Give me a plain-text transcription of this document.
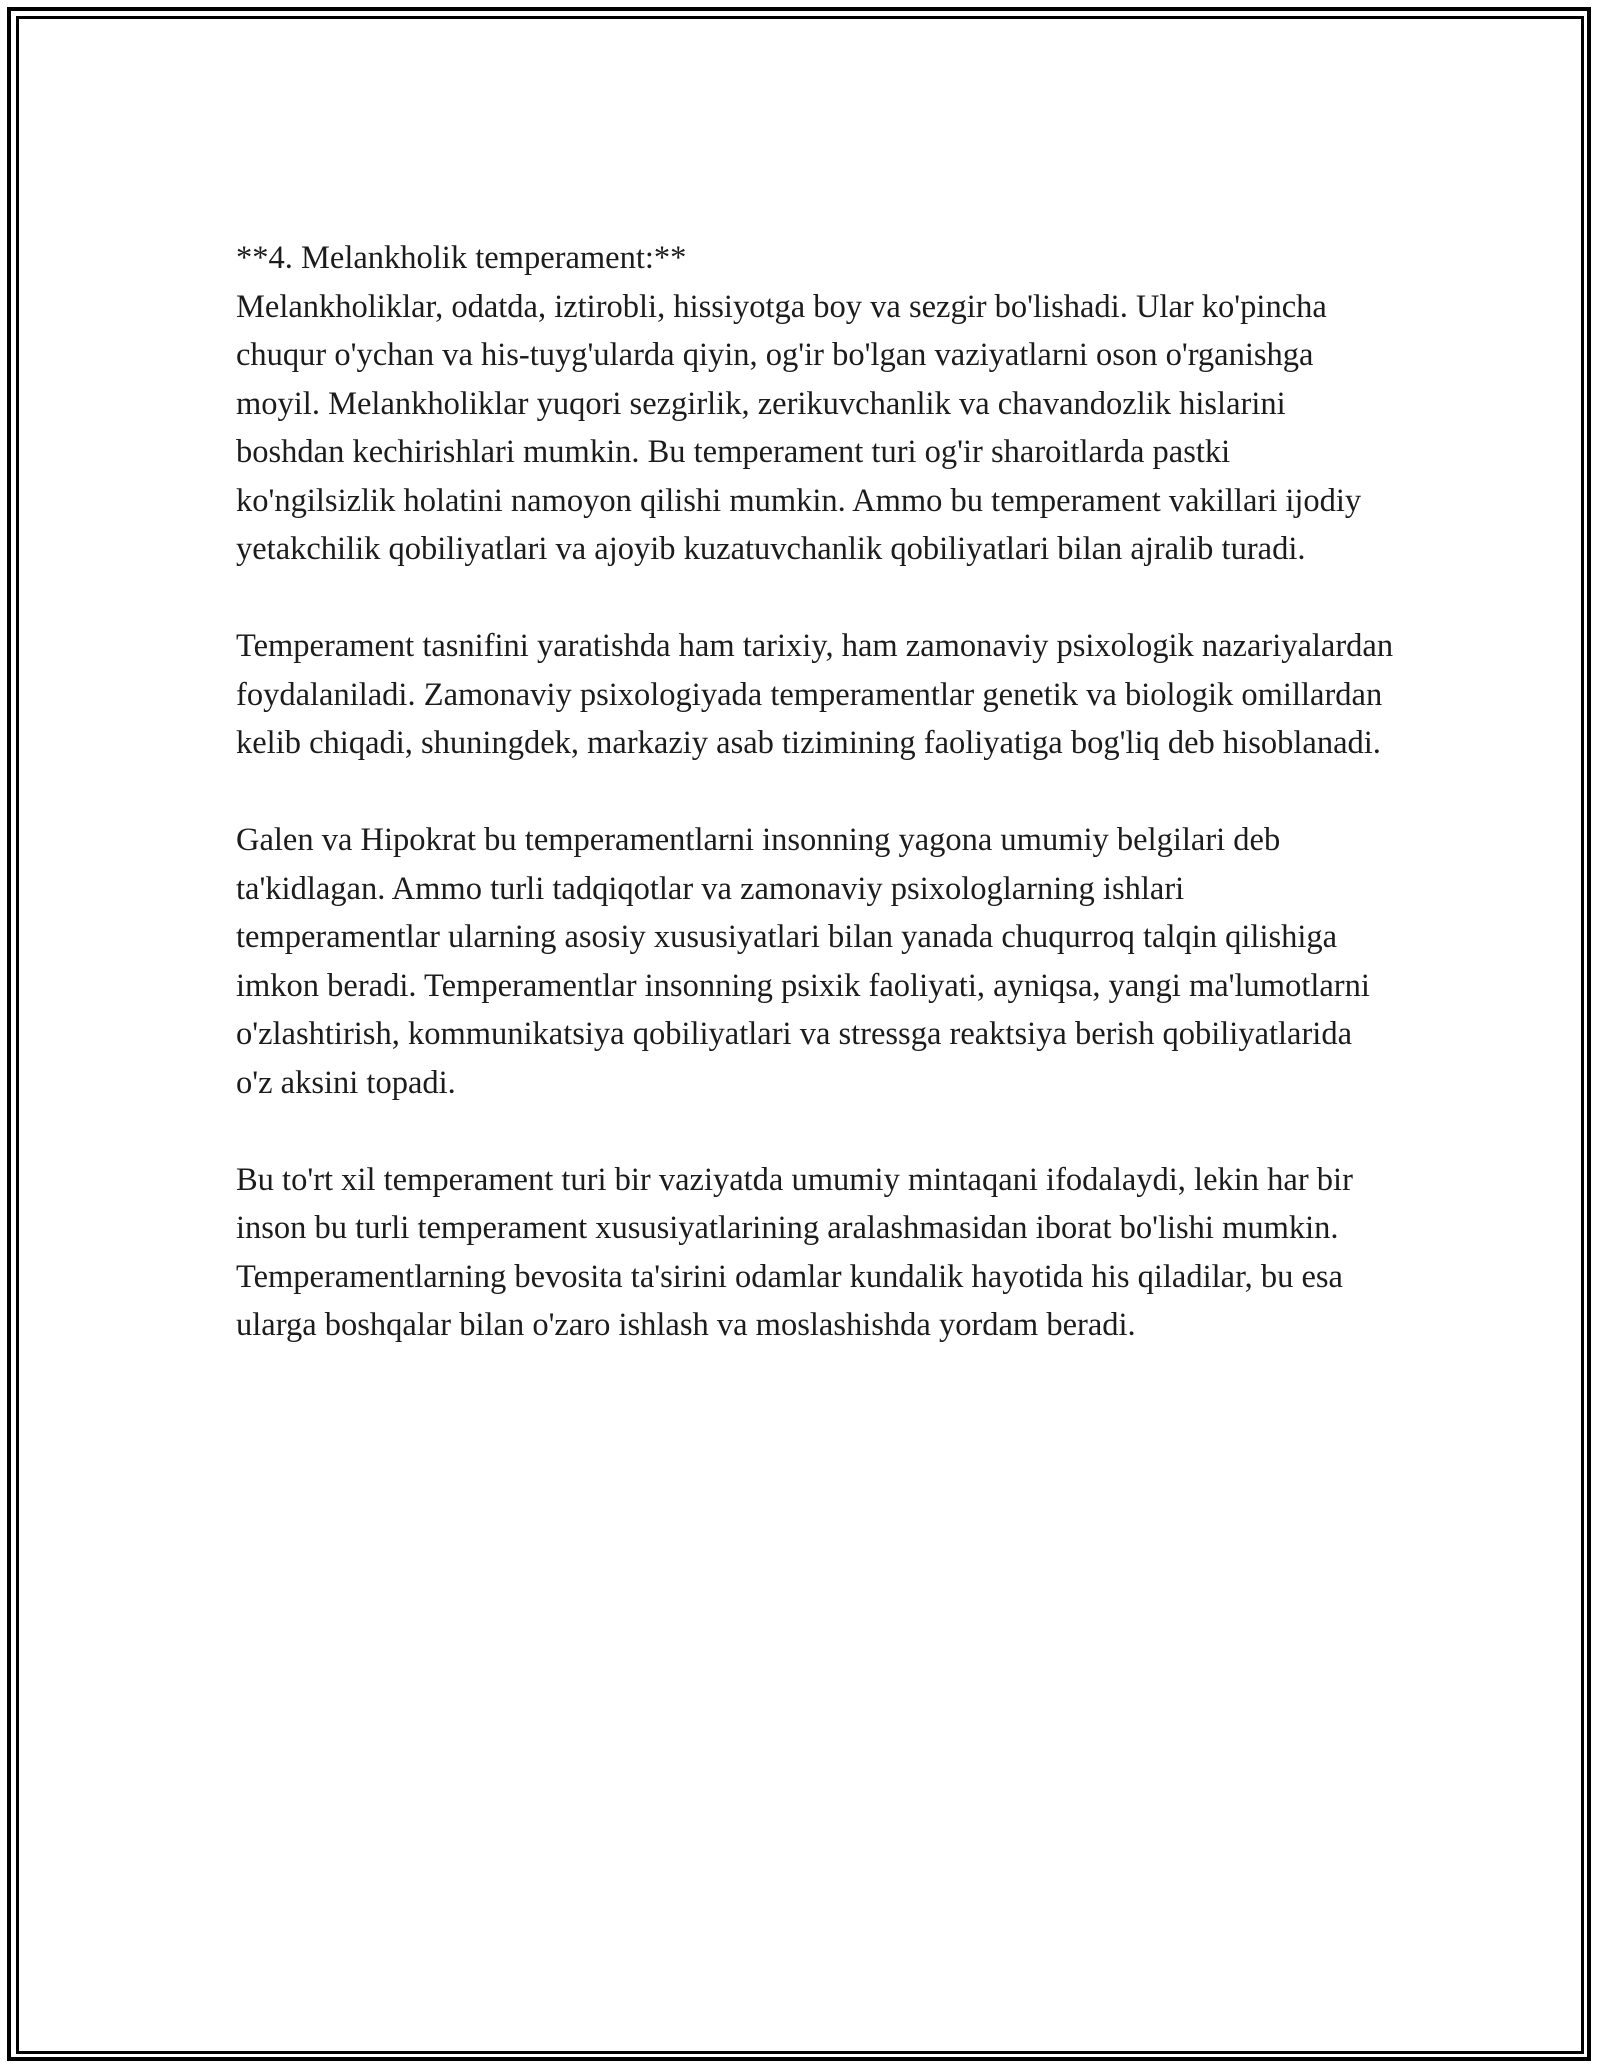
**4. Melankholik temperament:**

Melankholiklar, odatda, iztirobli, hissiyotga boy va sezgir bo'lishadi. Ular ko'pincha chuqur o'ychan va his-tuyg'ularda qiyin, og'ir bo'lgan vaziyatlarni oson o'rganishga moyil. Melankholiklar yuqori sezgirlik, zerikuvchanlik va chavandozlik hislarini boshdan kechirishlari mumkin. Bu temperament turi og'ir sharoitlarda pastki ko'ngilsizlik holatini namoyon qilishi mumkin. Ammo bu temperament vakillari ijodiy yetakchilik qobiliyatlari va ajoyib kuzatuvchanlik qobiliyatlari bilan ajralib turadi.

Temperament tasnifini yaratishda ham tarixiy, ham zamonaviy psixologik nazariyalardan foydalaniladi. Zamonaviy psixologiyada temperamentlar genetik va biologik omillardan kelib chiqadi, shuningdek, markaziy asab tizimining faoliyatiga bog'liq deb hisoblanadi.

Galen va Hipokrat bu temperamentlarni insonning yagona umumiy belgilari deb ta'kidlagan. Ammo turli tadqiqotlar va zamonaviy psixologlarning ishlari temperamentlar ularning asosiy xususiyatlari bilan yanada chuqurroq talqin qilishiga imkon beradi. Temperamentlar insonning psixik faoliyati, ayniqsa, yangi ma'lumotlarni o'zlashtirish, kommunikatsiya qobiliyatlari va stressga reaktsiya berish qobiliyatlarida o'z aksini topadi.

Bu to'rt xil temperament turi bir vaziyatda umumiy mintaqani ifodalaydi, lekin har bir inson bu turli temperament xususiyatlarining aralashmasidan iborat bo'lishi mumkin. Temperamentlarning bevosita ta'sirini odamlar kundalik hayotida his qiladilar, bu esa ularga boshqalar bilan o'zaro ishlash va moslashishda yordam beradi.
